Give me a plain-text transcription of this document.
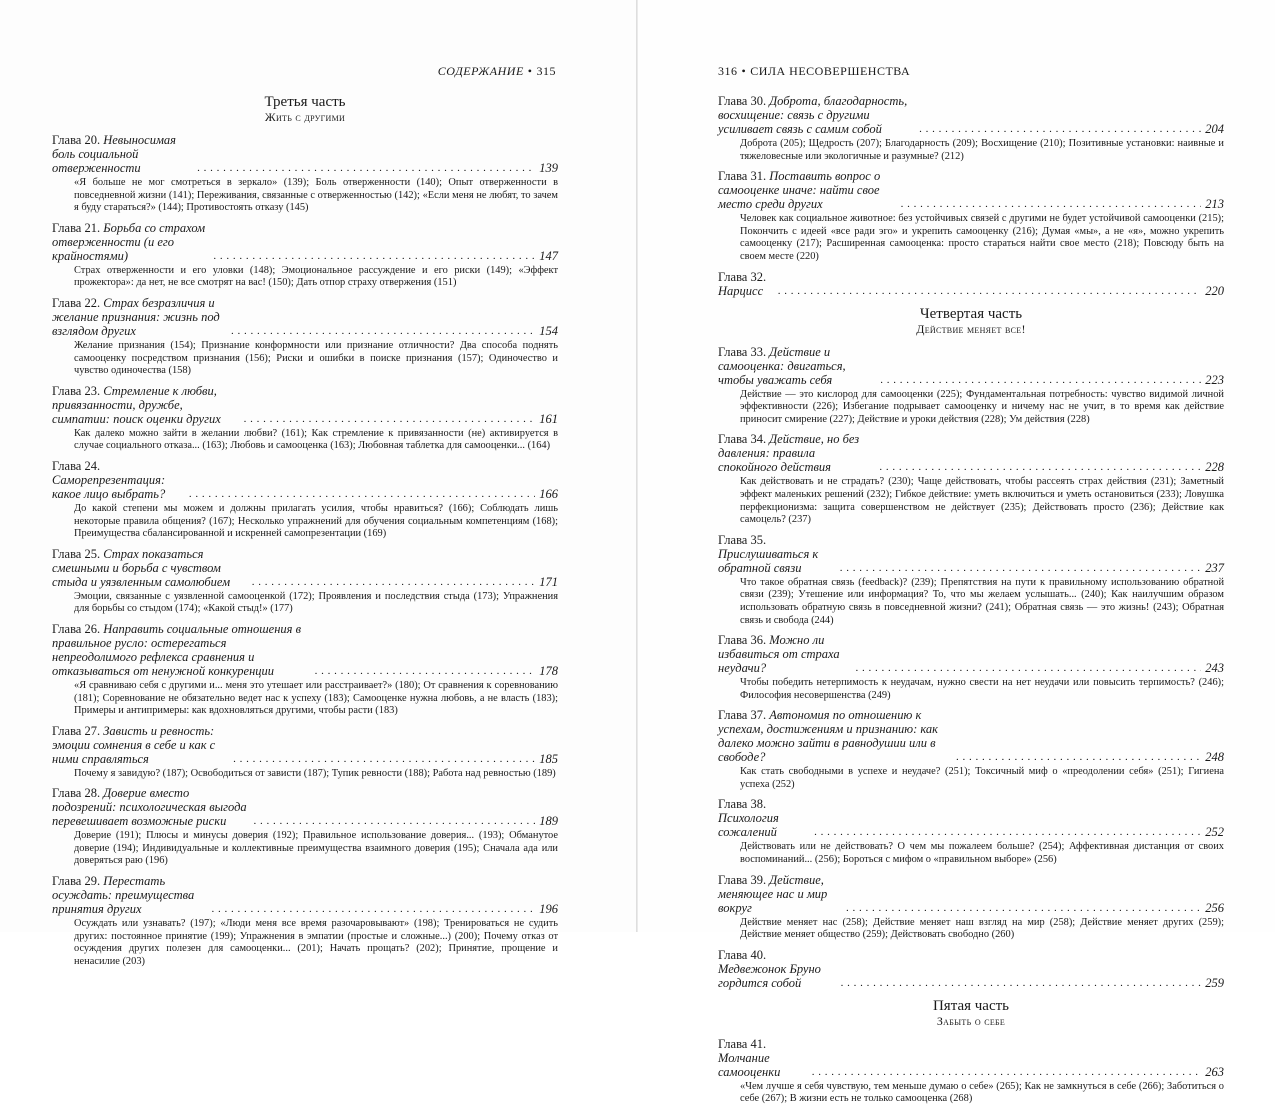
СОДЕРЖАНИЕ • 315
Третья часть
Жить с другими
Глава 20. Невыносимая боль социальной отверженности . . .	139
«Я больше не мог смотреться в зеркало» (139); Боль отверженности (140); Опыт отверженности в повседневной жизни (141); Переживания, связанные с отверженностью (142); «Если меня не любят, то зачем я буду стараться?» (144); Противостоять отказу (145)
Глава 21. Борьба со страхом отверженности (и его крайностями) . . .	147
Страх отверженности и его уловки (148); Эмоциональное рассуждение и его риски (149); «Эффект прожектора»: да нет, не все смотрят на вас! (150); Дать отпор страху отвержения (151)
Глава 22. Страх безразличия и желание признания: жизнь под взглядом других . . .	154
Желание признания (154); Признание конформности или признание отличности? Два способа поднять самооценку посредством признания (156); Риски и ошибки в поиске признания (157); Одиночество и чувство одиночества (158)
Глава 23. Стремление к любви, привязанности, дружбе, симпатии: поиск оценки других . . .	161
Как далеко можно зайти в желании любви? (161); Как стремление к привязанности (не) активируется в случае социального отказа... (163); Любовь и самооценка (163); Любовная таблетка для самооценки... (164)
Глава 24. Саморепрезентация: какое лицо выбрать? . . .	166
До какой степени мы можем и должны прилагать усилия, чтобы нравиться? (166); Соблюдать лишь некоторые правила общения? (167); Несколько упражнений для обучения социальным компетенциям (168); Преимущества сбалансированной и искренней самопрезентации (169)
Глава 25. Страх показаться смешными и борьба с чувством стыда и уязвленным самолюбием . . .	171
Эмоции, связанные с уязвленной самооценкой (172); Проявления и последствия стыда (173); Упражнения для борьбы со стыдом (174); «Какой стыд!» (177)
Глава 26. Направить социальные отношения в правильное русло: остерегаться непреодолимого рефлекса сравнения и отказываться от ненужной конкуренции . . .	178
«Я сравниваю себя с другими и... меня это утешает или расстраивает?» (180); От сравнения к соревнованию (181); Соревнование не обязательно ведет нас к успеху (183); Самооценке нужна любовь, а не власть (183); Примеры и антипримеры: как вдохновляться другими, чтобы расти (183)
Глава 27. Зависть и ревность: эмоции сомнения в себе и как с ними справляться . . .	185
Почему я завидую? (187); Освободиться от зависти (187); Тупик ревности (188); Работа над ревностью (189)
Глава 28. Доверие вместо подозрений: психологическая выгода перевешивает возможные риски . . .	189
Доверие (191); Плюсы и минусы доверия (192); Правильное использование доверия... (193); Обманутое доверие (194); Индивидуальные и коллективные преимущества взаимного доверия (195); Сначала ада или доверяться раю (196)
Глава 29. Перестать осуждать: преимущества принятия других . . .	196
Осуждать или узнавать? (197); «Люди меня все время разочаровывают» (198); Тренироваться не судить других: постоянное принятие (199); Упражнения в эмпатии (простые и сложные...) (200); Почему отказ от осуждения других полезен для самооценки... (201); Начать прощать? (202); Принятие, прощение и ненасилие (203)
316 • СИЛА НЕСОВЕРШЕНСТВА
Глава 30. Доброта, благодарность, восхищение: связь с другими усиливает связь с самим собой . . .	204
Доброта (205); Щедрость (207); Благодарность (209); Восхищение (210); Позитивные установки: наивные и тяжеловесные или экологичные и разумные? (212)
Глава 31. Поставить вопрос о самооценке иначе: найти свое место среди других . . .	213
Человек как социальное животное: без устойчивых связей с другими не будет устойчивой самооценки (215); Покончить с идеей «все ради эго» и укрепить самооценку (216); Думая «мы», а не «я», можно укрепить самооценку (217); Расширенная самооценка: просто стараться найти свое место (218); Повсюду быть на своем месте (220)
Глава 32. Нарцисс . . .	220
Четвертая часть
Действие меняет все!
Глава 33. Действие и самооценка: двигаться, чтобы уважать себя . . .	223
Действие — это кислород для самооценки (225); Фундаментальная потребность: чувство видимой личной эффективности (226); Избегание подрывает самооценку и ничему нас не учит, в то время как действие приносит смирение (227); Действие и уроки действия (228); Ум действия (228)
Глава 34. Действие, но без давления: правила спокойного действия . . .	228
Как действовать и не страдать? (230); Чаще действовать, чтобы рассеять страх действия (231); Заметный эффект маленьких решений (232); Гибкое действие: уметь включиться и уметь остановиться (233); Ловушка перфекционизма: защита совершенством не действует (235); Действовать просто (236); Действие как самоцель? (237)
Глава 35. Прислушиваться к обратной связи . . .	237
Что такое обратная связь (feedback)? (239); Препятствия на пути к правильному использованию обратной связи (239); Утешение или информация? То, что мы желаем услышать... (240); Как наилучшим образом использовать обратную связь в повседневной жизни? (241); Обратная связь — это жизнь! (243); Обратная связь и свобода (244)
Глава 36. Можно ли избавиться от страха неудачи? . . .	243
Чтобы победить нетерпимость к неудачам, нужно свести на нет неудачи или повысить терпимость? (246); Философия несовершенства (249)
Глава 37. Автономия по отношению к успехам, достижениям и признанию: как далеко можно зайти в равнодушии или в свободе? . . .	248
Как стать свободными в успехе и неудаче? (251); Токсичный миф о «преодолении себя» (251); Гигиена успеха (252)
Глава 38. Психология сожалений . . .	252
Действовать или не действовать? О чем мы пожалеем больше? (254); Аффективная дистанция от своих воспоминаний... (256); Бороться с мифом о «правильном выборе» (256)
Глава 39. Действие, меняющее нас и мир вокруг . . .	256
Действие меняет нас (258); Действие меняет наш взгляд на мир (258); Действие меняет других (259); Действие меняет общество (259); Действовать свободно (260)
Глава 40. Медвежонок Бруно гордится собой . . .	259
Пятая часть
Забыть о себе
Глава 41. Молчание самооценки . . .	263
«Чем лучше я себя чувствую, тем меньше думаю о себе» (265); Как не замкнуться в себе (266); Заботиться о себе (267); В жизни есть не только самооценка (268)
